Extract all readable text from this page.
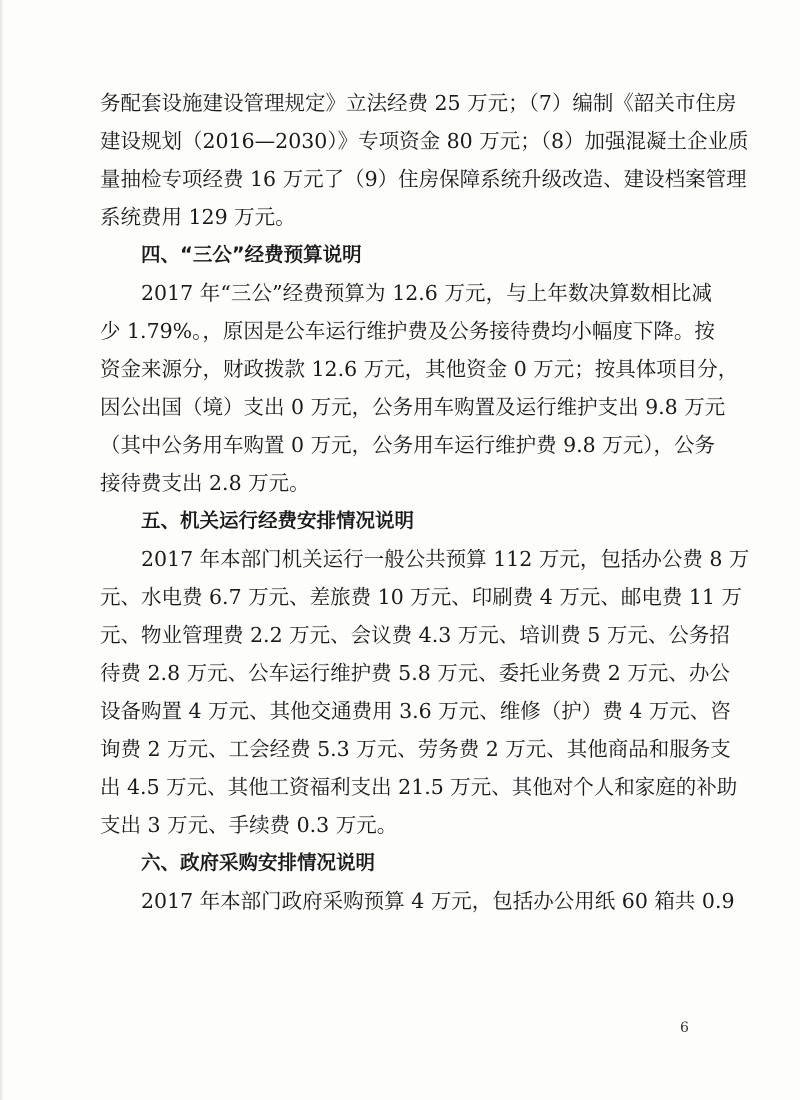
务配套设施建设管理规定》立法经费 25 万元；（7）编制《韶关市住房

建设规划（2016—2030）》专项资金 80 万元；（8）加强混凝土企业质

量抽检专项经费 16 万元了（9）住房保障系统升级改造、建设档案管理

系统费用 129 万元。

四、“三公”经费预算说明

2017 年“三公”经费预算为 12.6 万元，与上年数决算数相比减

少 1.79%。，原因是公车运行维护费及公务接待费均小幅度下降。按

资金来源分，财政拨款 12.6 万元，其他资金 0 万元；按具体项目分，

因公出国（境）支出 0 万元，公务用车购置及运行维护支出 9.8 万元

（其中公务用车购置 0 万元，公务用车运行维护费 9.8 万元），公务

接待费支出 2.8 万元。

五、机关运行经费安排情况说明

2017 年本部门机关运行一般公共预算 112 万元，包括办公费 8 万

元、水电费 6.7 万元、差旅费 10 万元、印刷费 4 万元、邮电费 11 万

元、物业管理费 2.2 万元、会议费 4.3 万元、培训费 5 万元、公务招

待费 2.8 万元、公车运行维护费 5.8 万元、委托业务费 2 万元、办公

设备购置 4 万元、其他交通费用 3.6 万元、维修（护）费 4 万元、咨

询费 2 万元、工会经费 5.3 万元、劳务费 2 万元、其他商品和服务支

出 4.5 万元、其他工资福利支出 21.5 万元、其他对个人和家庭的补助

支出 3 万元、手续费 0.3 万元。

六、政府采购安排情况说明

2017 年本部门政府采购预算 4 万元，包括办公用纸 60 箱共 0.9

6
